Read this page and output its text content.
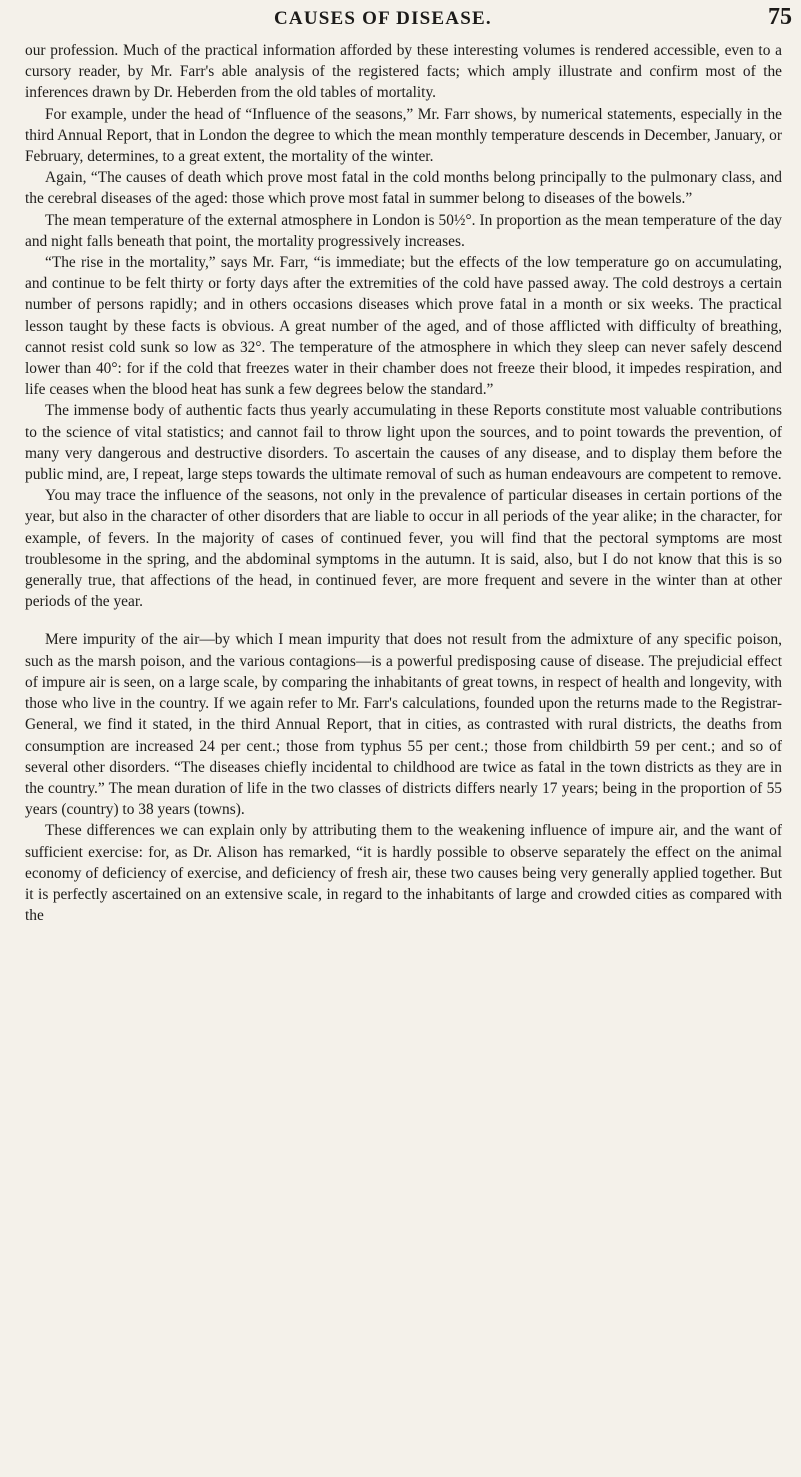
CAUSES OF DISEASE.	75

our profession. Much of the practical information afforded by these interesting volumes is rendered accessible, even to a cursory reader, by Mr. Farr's able analysis of the registered facts; which amply illustrate and confirm most of the inferences drawn by Dr. Heberden from the old tables of mortality.

For example, under the head of “Influence of the seasons,” Mr. Farr shows, by numerical statements, especially in the third Annual Report, that in London the degree to which the mean monthly temperature descends in December, January, or February, determines, to a great extent, the mortality of the winter.

Again, “The causes of death which prove most fatal in the cold months belong principally to the pulmonary class, and the cerebral diseases of the aged: those which prove most fatal in summer belong to diseases of the bowels.”

The mean temperature of the external atmosphere in London is 50½°. In proportion as the mean temperature of the day and night falls beneath that point, the mortality progressively increases.

“The rise in the mortality,” says Mr. Farr, “is immediate; but the effects of the low temperature go on accumulating, and continue to be felt thirty or forty days after the extremities of the cold have passed away. The cold destroys a certain number of persons rapidly; and in others occasions diseases which prove fatal in a month or six weeks. The practical lesson taught by these facts is obvious. A great number of the aged, and of those afflicted with difficulty of breathing, cannot resist cold sunk so low as 32°. The temperature of the atmosphere in which they sleep can never safely descend lower than 40°: for if the cold that freezes water in their chamber does not freeze their blood, it impedes respiration, and life ceases when the blood heat has sunk a few degrees below the standard.”

The immense body of authentic facts thus yearly accumulating in these Reports constitute most valuable contributions to the science of vital statistics; and cannot fail to throw light upon the sources, and to point towards the prevention, of many very dangerous and destructive disorders. To ascertain the causes of any disease, and to display them before the public mind, are, I repeat, large steps towards the ultimate removal of such as human endeavours are competent to remove.

You may trace the influence of the seasons, not only in the prevalence of particular diseases in certain portions of the year, but also in the character of other disorders that are liable to occur in all periods of the year alike; in the character, for example, of fevers. In the majority of cases of continued fever, you will find that the pectoral symptoms are most troublesome in the spring, and the abdominal symptoms in the autumn. It is said, also, but I do not know that this is so generally true, that affections of the head, in continued fever, are more frequent and severe in the winter than at other periods of the year.

Mere impurity of the air—by which I mean impurity that does not result from the admixture of any specific poison, such as the marsh poison, and the various contagions—is a powerful predisposing cause of disease. The prejudicial effect of impure air is seen, on a large scale, by comparing the inhabitants of great towns, in respect of health and longevity, with those who live in the country. If we again refer to Mr. Farr's calculations, founded upon the returns made to the Registrar-General, we find it stated, in the third Annual Report, that in cities, as contrasted with rural districts, the deaths from consumption are increased 24 per cent.; those from typhus 55 per cent.; those from childbirth 59 per cent.; and so of several other disorders. “The diseases chiefly incidental to childhood are twice as fatal in the town districts as they are in the country.” The mean duration of life in the two classes of districts differs nearly 17 years; being in the proportion of 55 years (country) to 38 years (towns).

These differences we can explain only by attributing them to the weakening influence of impure air, and the want of sufficient exercise: for, as Dr. Alison has remarked, “it is hardly possible to observe separately the effect on the animal economy of deficiency of exercise, and deficiency of fresh air, these two causes being very generally applied together. But it is perfectly ascertained on an extensive scale, in regard to the inhabitants of large and crowded cities as compared with the
